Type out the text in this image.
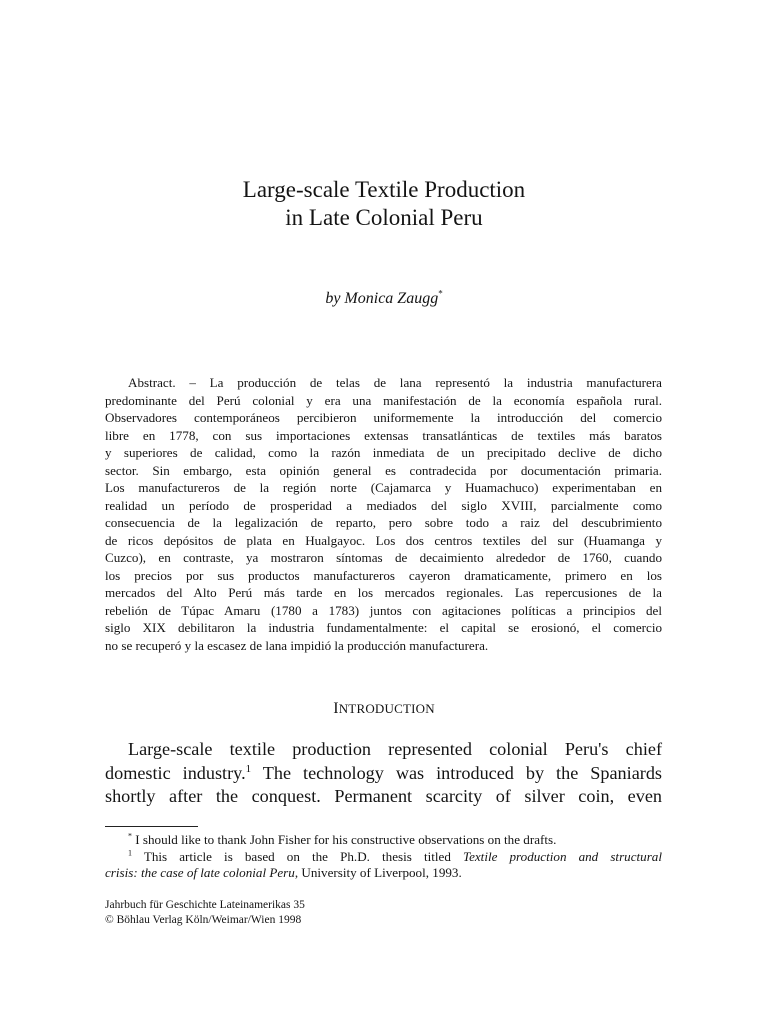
Large-scale Textile Production
in Late Colonial Peru
by Monica Zaugg*
Abstract. – La producción de telas de lana representó la industria manufacturera
predominante del Perú colonial y era una manifestación de la economía española rural.
Observadores contemporáneos percibieron uniformemente la introducción del comercio
libre en 1778, con sus importaciones extensas transatlánticas de textiles más baratos
y superiores de calidad, como la razón inmediata de un precipitado declive de dicho
sector. Sin embargo, esta opinión general es contradecida por documentación primaria.
Los manufactureros de la región norte (Cajamarca y Huamachuco) experimentaban en
realidad un período de prosperidad a mediados del siglo XVIII, parcialmente como
consecuencia de la legalización de reparto, pero sobre todo a raiz del descubrimiento
de ricos depósitos de plata en Hualgayoc. Los dos centros textiles del sur (Huamanga y
Cuzco), en contraste, ya mostraron síntomas de decaimiento alrededor de 1760, cuando
los precios por sus productos manufactureros cayeron dramaticamente, primero en los
mercados del Alto Perú más tarde en los mercados regionales. Las repercusiones de la
rebelión de Túpac Amaru (1780 a 1783) juntos con agitaciones políticas a principios del
siglo XIX debilitaron la industria fundamentalmente: el capital se erosionó, el comercio
no se recuperó y la escasez de lana impidió la producción manufacturera.
INTRODUCTION
Large-scale textile production represented colonial Peru's chief
domestic industry.$^1$ The technology was introduced by the Spaniards
shortly after the conquest. Permanent scarcity of silver coin, even
* I should like to thank John Fisher for his constructive observations on the drafts.
$^1$ This article is based on the Ph.D. thesis titled Textile production and structural
crisis: the case of late colonial Peru, University of Liverpool, 1993.
Jahrbuch für Geschichte Lateinamerikas 35
© Böhlau Verlag Köln/Weimar/Wien 1998
